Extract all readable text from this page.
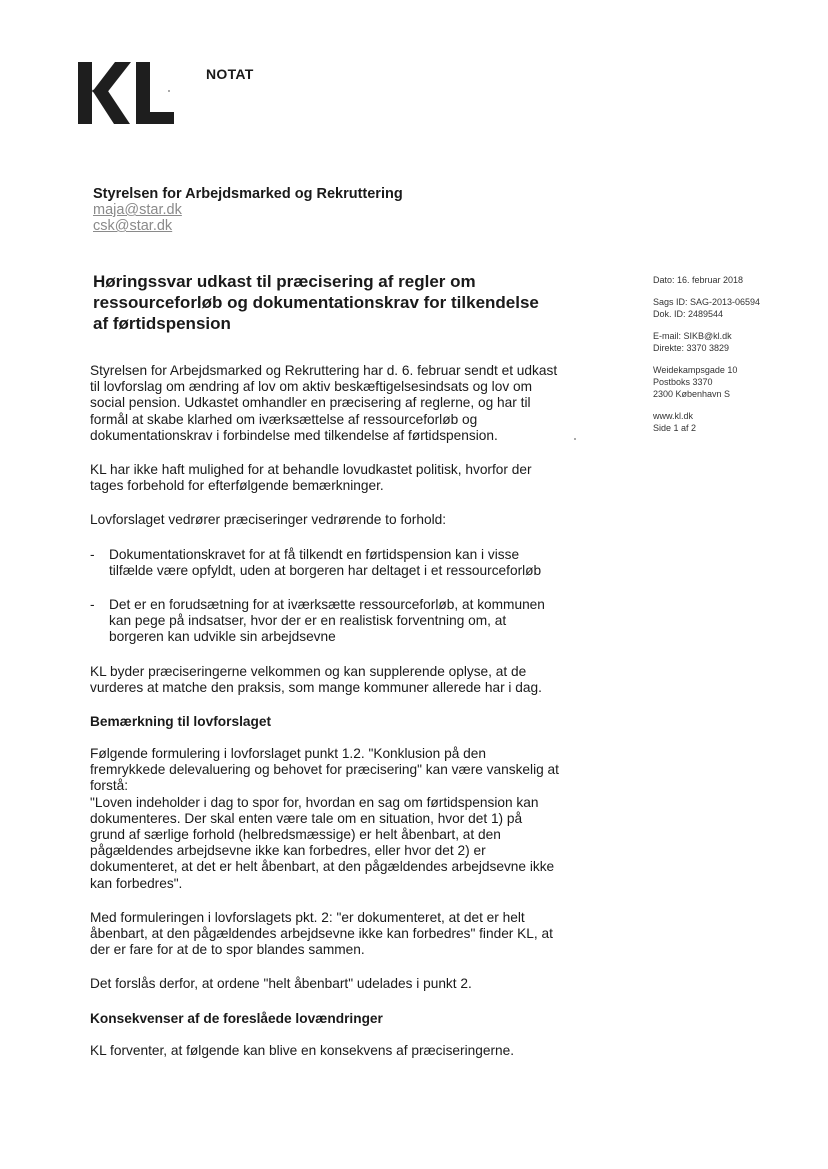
NOTAT
Styrelsen for Arbejdsmarked og Rekruttering
maja@star.dk
csk@star.dk
Høringssvar udkast til præcisering af regler om ressourceforløb og dokumentationskrav for tilkendelse af førtidspension
Dato: 16. februar 2018
Sags ID: SAG-2013-06594
Dok. ID: 2489544
E-mail: SIKB@kl.dk
Direkte: 3370 3829
Weidekampsgade 10
Postboks 3370
2300 København S
www.kl.dk
Side 1 af 2

Styrelsen for Arbejdsmarked og Rekruttering har d. 6. februar sendt et udkast til lovforslag om ændring af lov om aktiv beskæftigelsesindsats og lov om social pension. Udkastet omhandler en præcisering af reglerne, og har til formål at skabe klarhed om iværksættelse af ressourceforløb og dokumentationskrav i forbindelse med tilkendelse af førtidspension.

KL har ikke haft mulighed for at behandle lovudkastet politisk, hvorfor der tages forbehold for efterfølgende bemærkninger.

Lovforslaget vedrører præciseringer vedrørende to forhold:

-	Dokumentationskravet for at få tilkendt en førtidspension kan i visse tilfælde være opfyldt, uden at borgeren har deltaget i et ressourceforløb
-	Det er en forudsætning for at iværksætte ressourceforløb, at kommunen kan pege på indsatser, hvor der er en realistisk forventning om, at borgeren kan udvikle sin arbejdsevne

KL byder præciseringerne velkommen og kan supplerende oplyse, at de vurderes at matche den praksis, som mange kommuner allerede har i dag.

Bemærkning til lovforslaget

Følgende formulering i lovforslaget punkt 1.2. "Konklusion på den fremrykkede delevaluering og behovet for præcisering" kan være vanskelig at forstå:

"Loven indeholder i dag to spor for, hvordan en sag om førtidspension kan dokumenteres. Der skal enten være tale om en situation, hvor det 1) på grund af særlige forhold (helbredsmæssige) er helt åbenbart, at den pågældendes arbejdsevne ikke kan forbedres, eller hvor det 2) er dokumenteret, at det er helt åbenbart, at den pågældendes arbejdsevne ikke kan forbedres".

Med formuleringen i lovforslagets pkt. 2: "er dokumenteret, at det er helt åbenbart, at den pågældendes arbejdsevne ikke kan forbedres" finder KL, at der er fare for at de to spor blandes sammen.

Det forslås derfor, at ordene "helt åbenbart" udelades i punkt 2.

Konsekvenser af de foreslåede lovændringer

KL forventer, at følgende kan blive en konsekvens af præciseringerne.
